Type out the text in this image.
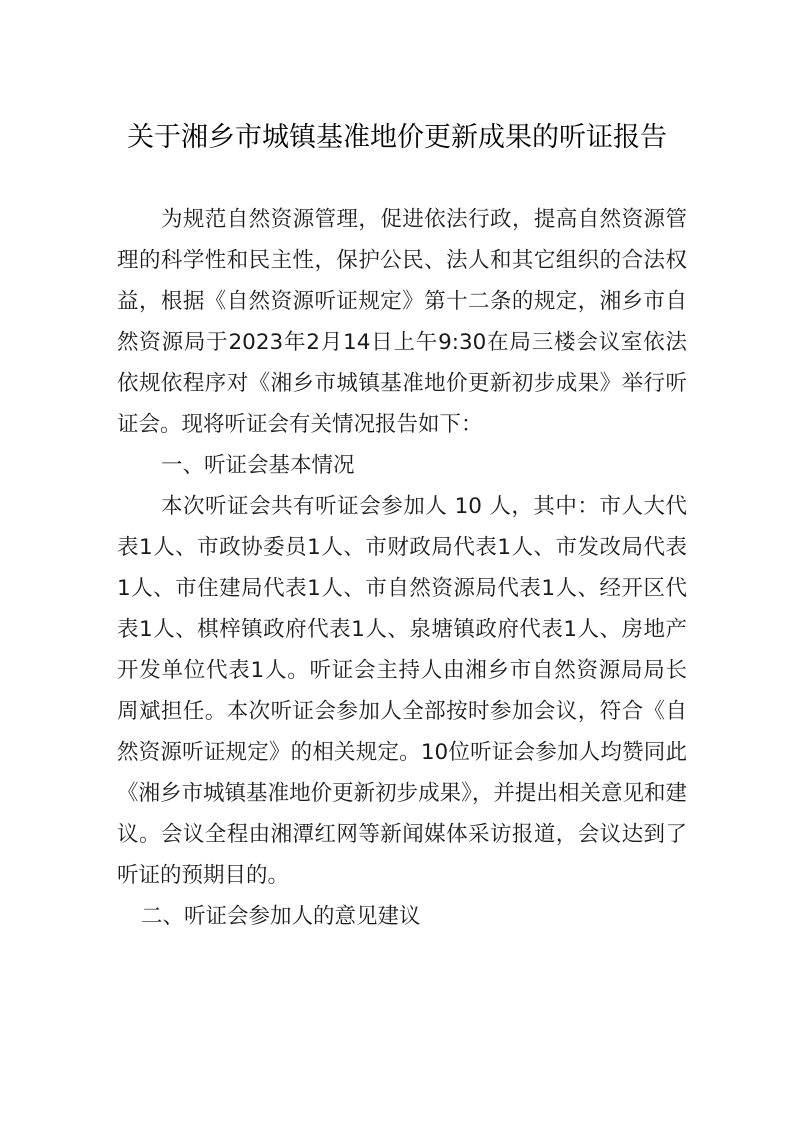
关于湘乡市城镇基准地价更新成果的听证报告

为规范自然资源管理，促进依法行政，提高自然资源管理的科学性和民主性，保护公民、法人和其它组织的合法权益，根据《自然资源听证规定》第十二条的规定，湘乡市自然资源局于2023年2月14日上午9:30在局三楼会议室依法依规依程序对《湘乡市城镇基准地价更新初步成果》举行听证会。现将听证会有关情况报告如下：

一、听证会基本情况

本次听证会共有听证会参加人 10 人，其中：市人大代表1人、市政协委员1人、市财政局代表1人、市发改局代表1人、市住建局代表1人、市自然资源局代表1人、经开区代表1人、棋梓镇政府代表1人、泉塘镇政府代表1人、房地产开发单位代表1人。听证会主持人由湘乡市自然资源局局长周斌担任。本次听证会参加人全部按时参加会议，符合《自然资源听证规定》的相关规定。10位听证会参加人均赞同此《湘乡市城镇基准地价更新初步成果》，并提出相关意见和建议。会议全程由湘潭红网等新闻媒体采访报道，会议达到了听证的预期目的。

二、听证会参加人的意见建议
